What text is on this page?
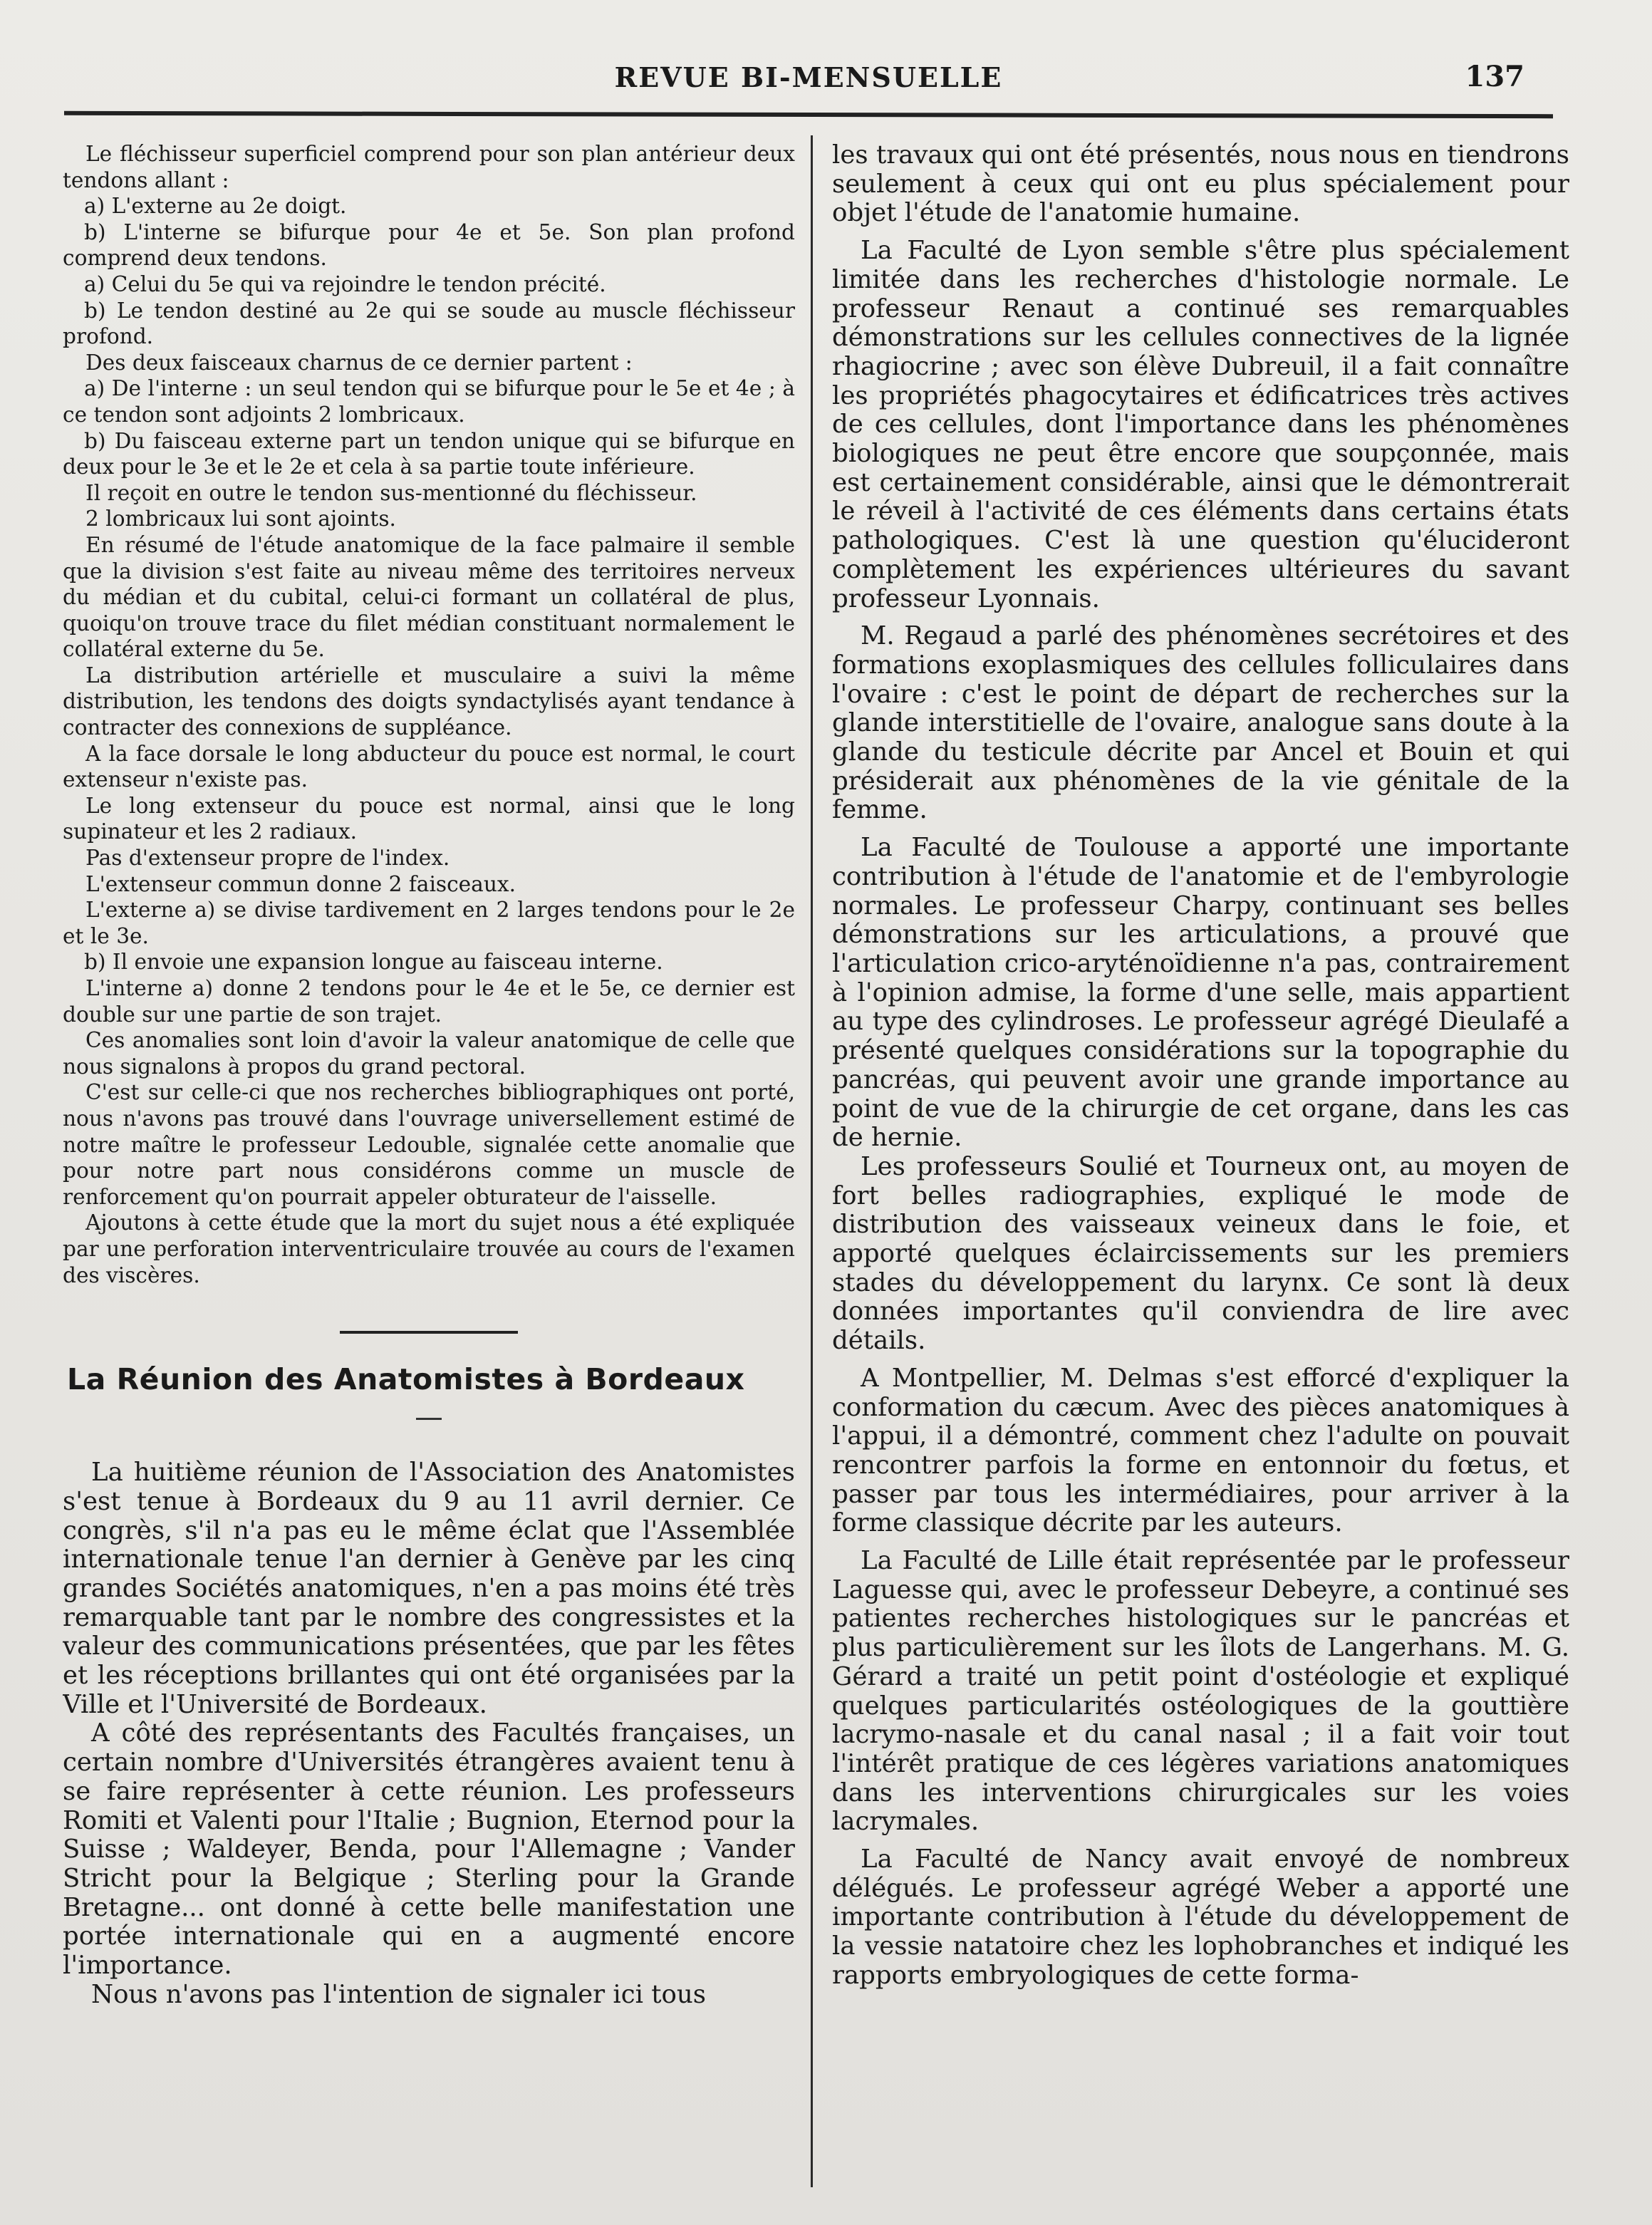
REVUE BI-MENSUELLE	137

Le fléchisseur superficiel comprend pour son plan antérieur deux tendons allant :

a) L'externe au 2e doigt.

b) L'interne se bifurque pour 4e et 5e. Son plan profond comprend deux tendons.

a) Celui du 5e qui va rejoindre le tendon précité.

b) Le tendon destiné au 2e qui se soude au muscle fléchisseur profond.

Des deux faisceaux charnus de ce dernier partent :

a) De l'interne : un seul tendon qui se bifurque pour le 5e et 4e ; à ce tendon sont adjoints 2 lombricaux.

b) Du faisceau externe part un tendon unique qui se bifurque en deux pour le 3e et le 2e et cela à sa partie toute inférieure.

Il reçoit en outre le tendon sus-mentionné du fléchisseur.

2 lombricaux lui sont ajoints.

En résumé de l'étude anatomique de la face palmaire il semble que la division s'est faite au niveau même des territoires nerveux du médian et du cubital, celui-ci formant un collatéral de plus, quoiqu'on trouve trace du filet médian constituant normalement le collatéral externe du 5e.

La distribution artérielle et musculaire a suivi la même distribution, les tendons des doigts syndactylisés ayant tendance à contracter des connexions de suppléance.

A la face dorsale le long abducteur du pouce est normal, le court extenseur n'existe pas.

Le long extenseur du pouce est normal, ainsi que le long supinateur et les 2 radiaux.

Pas d'extenseur propre de l'index.

L'extenseur commun donne 2 faisceaux.

L'externe a) se divise tardivement en 2 larges tendons pour le 2e et le 3e.

b) Il envoie une expansion longue au faisceau interne.

L'interne a) donne 2 tendons pour le 4e et le 5e, ce dernier est double sur une partie de son trajet.

Ces anomalies sont loin d'avoir la valeur anatomique de celle que nous signalons à propos du grand pectoral.

C'est sur celle-ci que nos recherches bibliographiques ont porté, nous n'avons pas trouvé dans l'ouvrage universellement estimé de notre maître le professeur Ledouble, signalée cette anomalie que pour notre part nous considérons comme un muscle de renforcement qu'on pourrait appeler obturateur de l'aisselle.

Ajoutons à cette étude que la mort du sujet nous a été expliquée par une perforation interventriculaire trouvée au cours de l'examen des viscères.

La Réunion des Anatomistes à Bordeaux

La huitième réunion de l'Association des Anatomistes s'est tenue à Bordeaux du 9 au 11 avril dernier. Ce congrès, s'il n'a pas eu le même éclat que l'Assemblée internationale tenue l'an dernier à Genève par les cinq grandes Sociétés anatomiques, n'en a pas moins été très remarquable tant par le nombre des congressistes et la valeur des communications présentées, que par les fêtes et les réceptions brillantes qui ont été organisées par la Ville et l'Université de Bordeaux.

A côté des représentants des Facultés françaises, un certain nombre d'Universités étrangères avaient tenu à se faire représenter à cette réunion. Les professeurs Romiti et Valenti pour l'Italie ; Bugnion, Eternod pour la Suisse ; Waldeyer, Benda, pour l'Allemagne ; Vander Stricht pour la Belgique ; Sterling pour la Grande Bretagne... ont donné à cette belle manifestation une portée internationale qui en a augmenté encore l'importance.

Nous n'avons pas l'intention de signaler ici tous

les travaux qui ont été présentés, nous nous en tiendrons seulement à ceux qui ont eu plus spécialement pour objet l'étude de l'anatomie humaine.

La Faculté de Lyon semble s'être plus spécialement limitée dans les recherches d'histologie normale. Le professeur Renaut a continué ses remarquables démonstrations sur les cellules connectives de la lignée rhagiocrine ; avec son élève Dubreuil, il a fait connaître les propriétés phagocytaires et édificatrices très actives de ces cellules, dont l'importance dans les phénomènes biologiques ne peut être encore que soupçonnée, mais est certainement considérable, ainsi que le démontrerait le réveil à l'activité de ces éléments dans certains états pathologiques. C'est là une question qu'élucideront complètement les expériences ultérieures du savant professeur Lyonnais.

M. Regaud a parlé des phénomènes secrétoires et des formations exoplasmiques des cellules folliculaires dans l'ovaire : c'est le point de départ de recherches sur la glande interstitielle de l'ovaire, analogue sans doute à la glande du testicule décrite par Ancel et Bouin et qui présiderait aux phénomènes de la vie génitale de la femme.

La Faculté de Toulouse a apporté une importante contribution à l'étude de l'anatomie et de l'embyrologie normales. Le professeur Charpy, continuant ses belles démonstrations sur les articulations, a prouvé que l'articulation crico-aryténoïdienne n'a pas, contrairement à l'opinion admise, la forme d'une selle, mais appartient au type des cylindroses. Le professeur agrégé Dieulafé a présenté quelques considérations sur la topographie du pancréas, qui peuvent avoir une grande importance au point de vue de la chirurgie de cet organe, dans les cas de hernie.

Les professeurs Soulié et Tourneux ont, au moyen de fort belles radiographies, expliqué le mode de distribution des vaisseaux veineux dans le foie, et apporté quelques éclaircissements sur les premiers stades du développement du larynx. Ce sont là deux données importantes qu'il conviendra de lire avec détails.

A Montpellier, M. Delmas s'est efforcé d'expliquer la conformation du cæcum. Avec des pièces anatomiques à l'appui, il a démontré, comment chez l'adulte on pouvait rencontrer parfois la forme en entonnoir du fœtus, et passer par tous les intermédiaires, pour arriver à la forme classique décrite par les auteurs.

La Faculté de Lille était représentée par le professeur Laguesse qui, avec le professeur Debeyre, a continué ses patientes recherches histologiques sur le pancréas et plus particulièrement sur les îlots de Langerhans. M. G. Gérard a traité un petit point d'ostéologie et expliqué quelques particularités ostéologiques de la gouttière lacrymo-nasale et du canal nasal ; il a fait voir tout l'intérêt pratique de ces légères variations anatomiques dans les interventions chirurgicales sur les voies lacrymales.

La Faculté de Nancy avait envoyé de nombreux délégués. Le professeur agrégé Weber a apporté une importante contribution à l'étude du développement de la vessie natatoire chez les lophobranches et indiqué les rapports embryologiques de cette forma-
